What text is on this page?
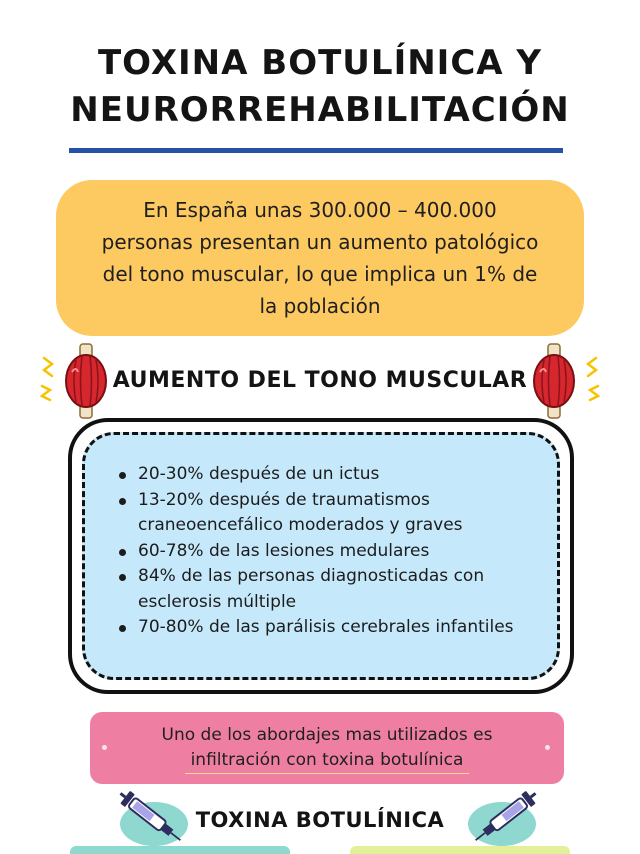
TOXINA BOTULÍNICA Y
NEURORREHABILITACIÓN
En España unas 300.000 – 400.000 personas presentan un aumento patológico del tono muscular, lo que implica un 1% de la población
AUMENTO DEL TONO MUSCULAR
20-30% después de un ictus
13-20% después de traumatismos craneoencefálico moderados y graves
60-78% de las lesiones medulares
84% de las personas diagnosticadas con esclerosis múltiple
70-80% de las parálisis cerebrales infantiles
Uno de los abordajes mas utilizados es
infiltración con toxina botulínica
TOXINA BOTULÍNICA
